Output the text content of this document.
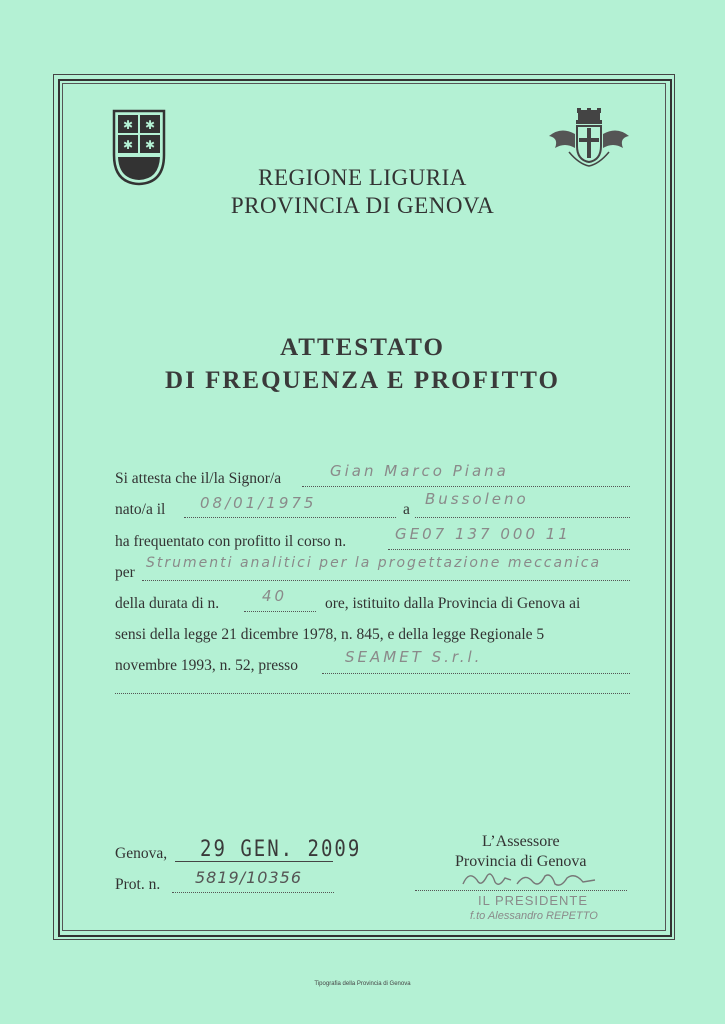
✱ ✱
✱ ✱
REGIONE LIGURIA
PROVINCIA DI GENOVA
ATTESTATO
DI FREQUENZA E PROFITTO
Si attesta che il/la Signor/a	Gian Marco Piana
nato/a il 08/01/1975	a
Bussoleno
ha frequentato con profitto il corso n.	GE07 137 000 11
per
Strumenti analitici per la progettazione meccanica
della durata di n.	40 ore, istituito dalla Provincia di Genova ai
sensi della legge 21 dicembre 1978, n. 845, e della legge Regionale 5
novembre 1993, n. 52, presso	SEAMET S.r.l.
Genova, 29 GEN. 2009
Prot. n. 5819/10356
L’Assessore
Provincia di Genova
IL PRESIDENTE
f.to Alessandro REPETTO
Tipografia della Provincia di Genova
